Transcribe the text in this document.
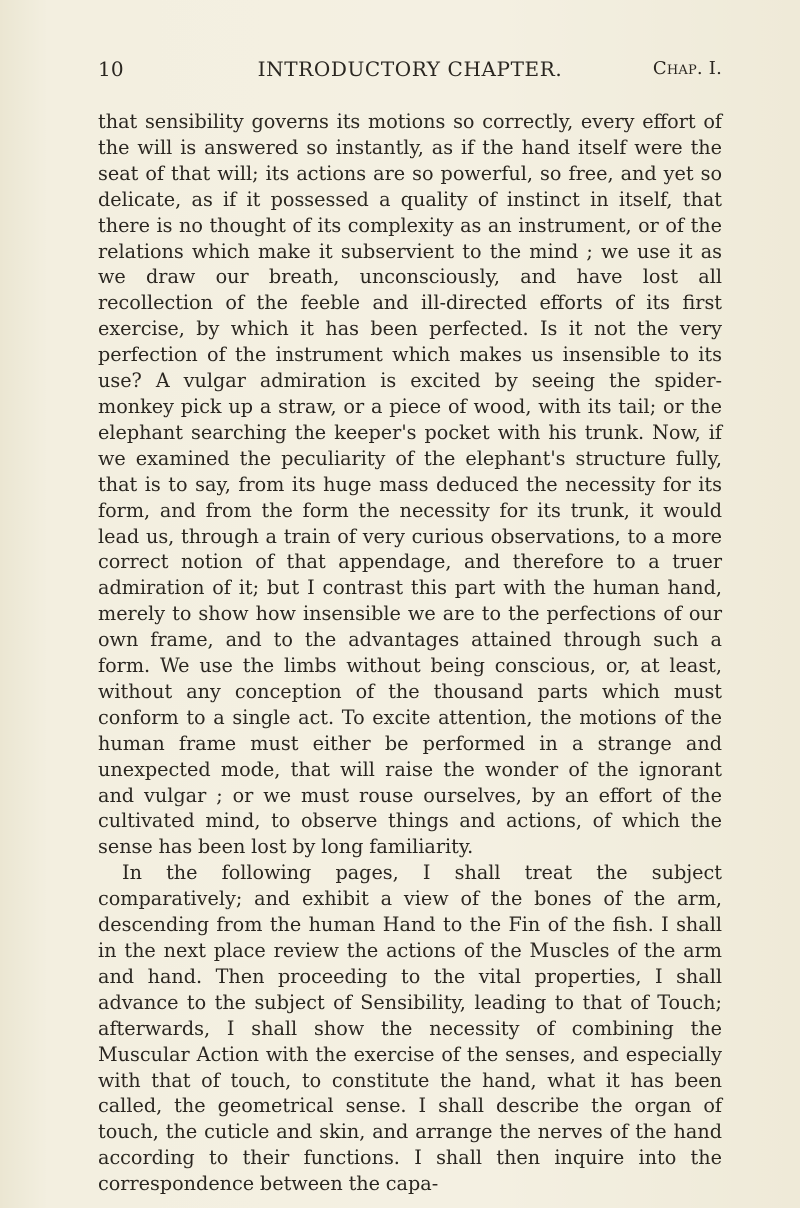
10	INTRODUCTORY CHAPTER.	Chap. I.

that sensibility governs its motions so correctly, every effort of the will is answered so instantly, as if the hand itself were the seat of that will; its actions are so powerful, so free, and yet so delicate, as if it possessed a quality of instinct in itself, that there is no thought of its complexity as an instrument, or of the relations which make it subservient to the mind ; we use it as we draw our breath, unconsciously, and have lost all recollection of the feeble and ill-directed efforts of its first exercise, by which it has been perfected. Is it not the very perfection of the instrument which makes us insensible to its use? A vulgar admiration is excited by seeing the spider-monkey pick up a straw, or a piece of wood, with its tail; or the elephant searching the keeper's pocket with his trunk. Now, if we examined the peculiarity of the elephant's structure fully, that is to say, from its huge mass deduced the necessity for its form, and from the form the necessity for its trunk, it would lead us, through a train of very curious observations, to a more correct notion of that appendage, and therefore to a truer admiration of it; but I contrast this part with the human hand, merely to show how insensible we are to the perfections of our own frame, and to the advantages attained through such a form. We use the limbs without being conscious, or, at least, without any conception of the thousand parts which must conform to a single act. To excite attention, the motions of the human frame must either be performed in a strange and unexpected mode, that will raise the wonder of the ignorant and vulgar ; or we must rouse ourselves, by an effort of the cultivated mind, to observe things and actions, of which the sense has been lost by long familiarity.

In the following pages, I shall treat the subject comparatively; and exhibit a view of the bones of the arm, descending from the human Hand to the Fin of the fish. I shall in the next place review the actions of the Muscles of the arm and hand. Then proceeding to the vital properties, I shall advance to the subject of Sensibility, leading to that of Touch; afterwards, I shall show the necessity of combining the Muscular Action with the exercise of the senses, and especially with that of touch, to constitute the hand, what it has been called, the geometrical sense. I shall describe the organ of touch, the cuticle and skin, and arrange the nerves of the hand according to their functions. I shall then inquire into the correspondence between the capa-
